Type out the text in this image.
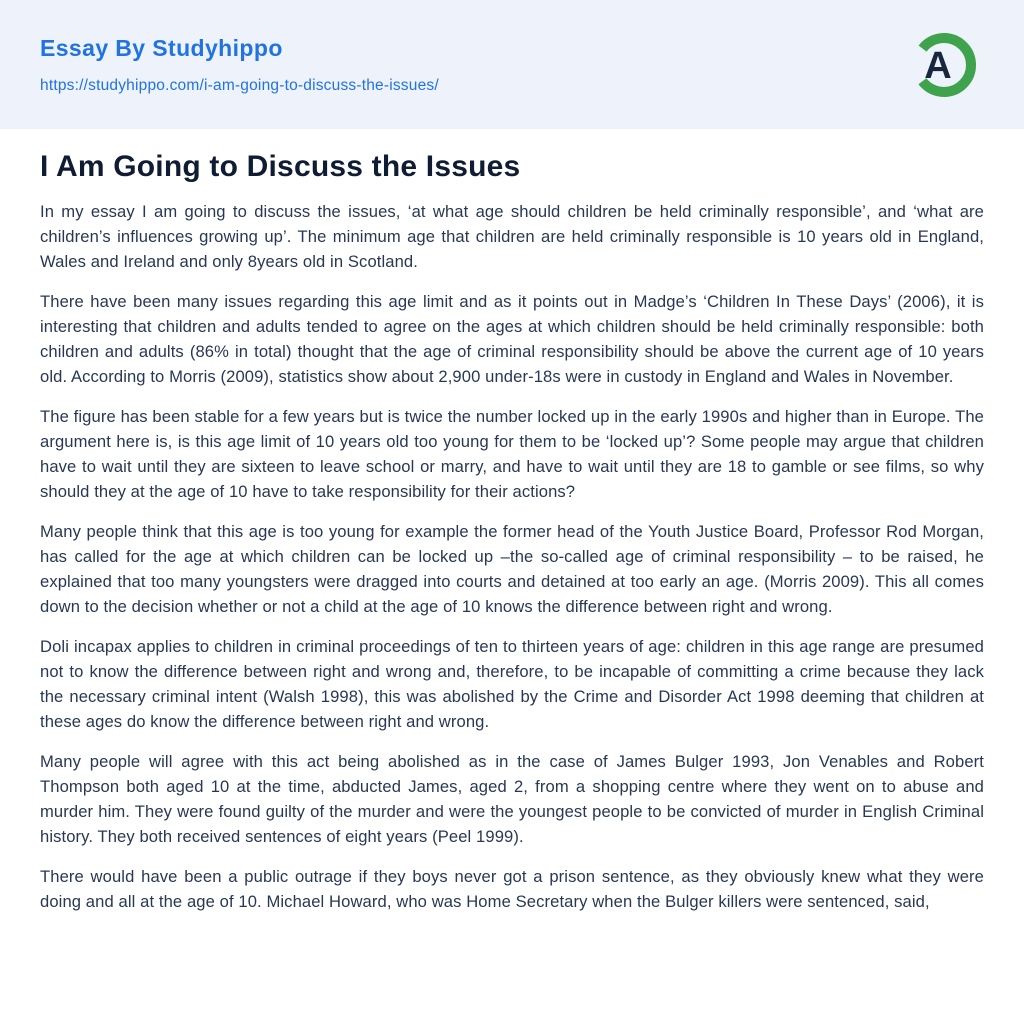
Essay By Studyhippo
https://studyhippo.com/i-am-going-to-discuss-the-issues/	A
I Am Going to Discuss the Issues

In my essay I am going to discuss the issues, ‘at what age should children be held criminally responsible’, and ‘what are children’s influences growing up’. The minimum age that children are held criminally responsible is 10 years old in England, Wales and Ireland and only 8years old in Scotland.

There have been many issues regarding this age limit and as it points out in Madge’s ‘Children In These Days’ (2006), it is interesting that children and adults tended to agree on the ages at which children should be held criminally responsible: both children and adults (86% in total) thought that the age of criminal responsibility should be above the current age of 10 years old. According to Morris (2009), statistics show about 2,900 under-18s were in custody in England and Wales in November.

The figure has been stable for a few years but is twice the number locked up in the early 1990s and higher than in Europe. The argument here is, is this age limit of 10 years old too young for them to be ‘locked up’? Some people may argue that children have to wait until they are sixteen to leave school or marry, and have to wait until they are 18 to gamble or see films, so why should they at the age of 10 have to take responsibility for their actions?

Many people think that this age is too young for example the former head of the Youth Justice Board, Professor Rod Morgan, has called for the age at which children can be locked up –the so-called age of criminal responsibility – to be raised, he explained that too many youngsters were dragged into courts and detained at too early an age. (Morris 2009). This all comes down to the decision whether or not a child at the age of 10 knows the difference between right and wrong.

Doli incapax applies to children in criminal proceedings of ten to thirteen years of age: children in this age range are presumed not to know the difference between right and wrong and, therefore, to be incapable of committing a crime because they lack the necessary criminal intent (Walsh 1998), this was abolished by the Crime and Disorder Act 1998 deeming that children at these ages do know the difference between right and wrong.

Many people will agree with this act being abolished as in the case of James Bulger 1993, Jon Venables and Robert Thompson both aged 10 at the time, abducted James, aged 2, from a shopping centre where they went on to abuse and murder him. They were found guilty of the murder and were the youngest people to be convicted of murder in English Criminal history. They both received sentences of eight years (Peel 1999).

There would have been a public outrage if they boys never got a prison sentence, as they obviously knew what they were doing and all at the age of 10. Michael Howard, who was Home Secretary when the Bulger killers were sentenced, said,
